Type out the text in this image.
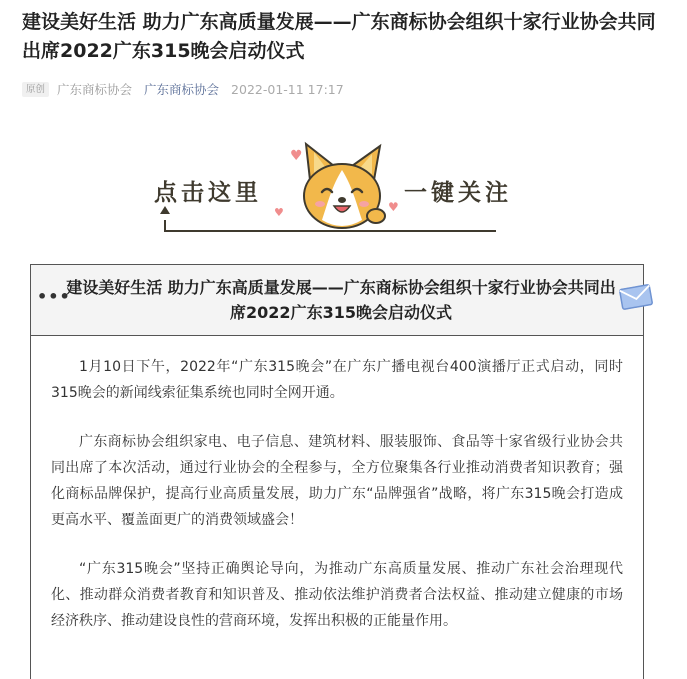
建设美好生活 助力广东高质量发展——广东商标协会组织十家行业协会共同出席2022广东315晚会启动仪式
原创 广东商标协会 广东商标协会 2022-01-11 17:17
点击这里	一键关注
♥
♥
♥
•••
建设美好生活 助力广东高质量发展——广东商标协会组织十家行业协会共同出席2022广东315晚会启动仪式

1月10日下午，2022年“广东315晚会”在广东广播电视台400演播厅正式启动，同时315晚会的新闻线索征集系统也同时全网开通。

广东商标协会组织家电、电子信息、建筑材料、服装服饰、食品等十家省级行业协会共同出席了本次活动，通过行业协会的全程参与，全方位聚集各行业推动消费者知识教育；强化商标品牌保护，提高行业高质量发展，助力广东“品牌强省”战略，将广东315晚会打造成更高水平、覆盖面更广的消费领域盛会！

“广东315晚会”坚持正确舆论导向，为推动广东高质量发展、推动广东社会治理现代化、推动群众消费者教育和知识普及、推动依法维护消费者合法权益、推动建立健康的市场经济秩序、推动建设良性的营商环境，发挥出积极的正能量作用。
